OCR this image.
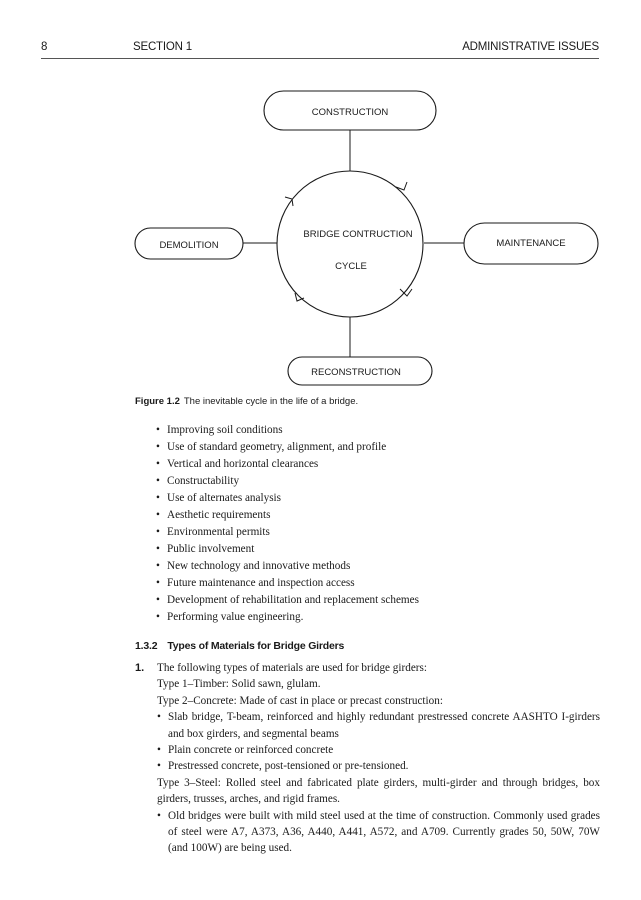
8	SECTION 1	ADMINISTRATIVE ISSUES
CONSTRUCTION
DEMOLITION	MAINTENANCE
RECONSTRUCTION
BRIDGE CONTRUCTION
CYCLE
Figure 1.2 The inevitable cycle in the life of a bridge.
• Improving soil conditions
• Use of standard geometry, alignment, and profile
• Vertical and horizontal clearances
• Constructability
• Use of alternates analysis
• Aesthetic requirements
• Environmental permits
• Public involvement
• New technology and innovative methods
• Future maintenance and inspection access
• Development of rehabilitation and replacement schemes
• Performing value engineering.
1.3.2 Types of Materials for Bridge Girders
1.	The following types of materials are used for bridge girders:

Type 1–Timber: Solid sawn, glulam.

Type 2–Concrete: Made of cast in place or precast construction:

• Slab bridge, T-beam, reinforced and highly redundant prestressed concrete AASHTO I-girders and box girders, and segmental beams

• Plain concrete or reinforced concrete

• Prestressed concrete, post-tensioned or pre-tensioned.

Type 3–Steel: Rolled steel and fabricated plate girders, multi-girder and through bridges, box girders, trusses, arches, and rigid frames.

• Old bridges were built with mild steel used at the time of construction. Commonly used grades of steel were A7, A373, A36, A440, A441, A572, and A709. Currently grades 50, 50W, 70W (and 100W) are being used.
